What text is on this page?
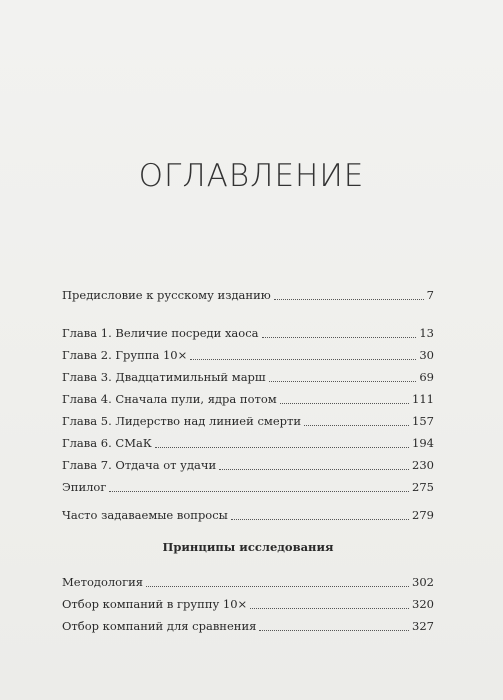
ОГЛАВЛЕНИЕ
Предисловие к русскому изданию	7
Глава 1. Величие посреди хаоса	13
Глава 2. Группа 10×	30
Глава 3. Двадцатимильный марш	69
Глава 4. Сначала пули, ядра потом	111
Глава 5. Лидерство над линией смерти	157
Глава 6. СМаК	194
Глава 7. Отдача от удачи	230
Эпилог	275
Часто задаваемые вопросы	279
Принципы исследования
Методология	302
Отбор компаний в группу 10×	320
Отбор компаний для сравнения	327
